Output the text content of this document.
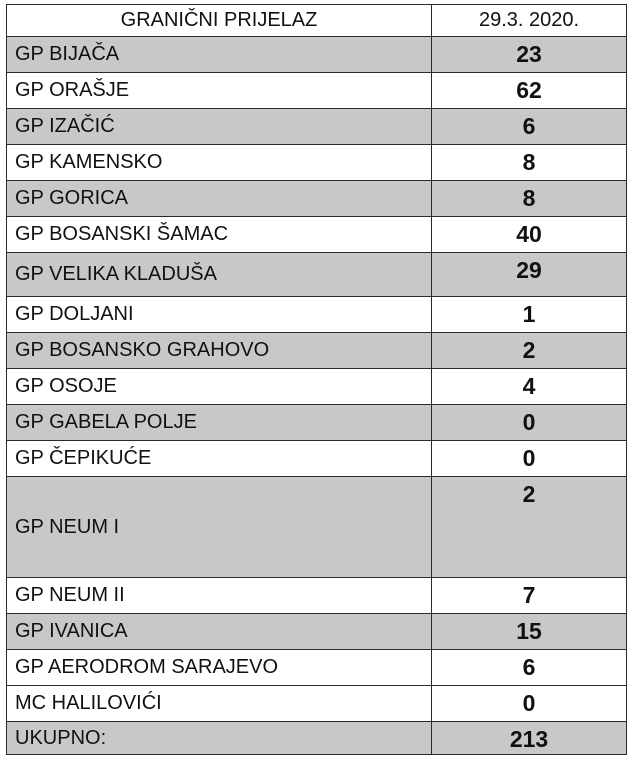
GRANIČNI PRIJELAZ	29.3. 2020.
GP BIJAČA	23
GP ORAŠJE	62
GP IZAČIĆ	6
GP KAMENSKO	8
GP GORICA	8
GP BOSANSKI ŠAMAC	40
GP VELIKA KLADUŠA	29
GP DOLJANI	1
GP BOSANSKO GRAHOVO	2
GP OSOJE	4
GP GABELA POLJE	0
GP ČEPIKUĆE	0
GP NEUM I	2
GP NEUM II	7
GP IVANICA	15
GP AERODROM SARAJEVO	6
MC HALILOVIĆI	0
UKUPNO:	213
